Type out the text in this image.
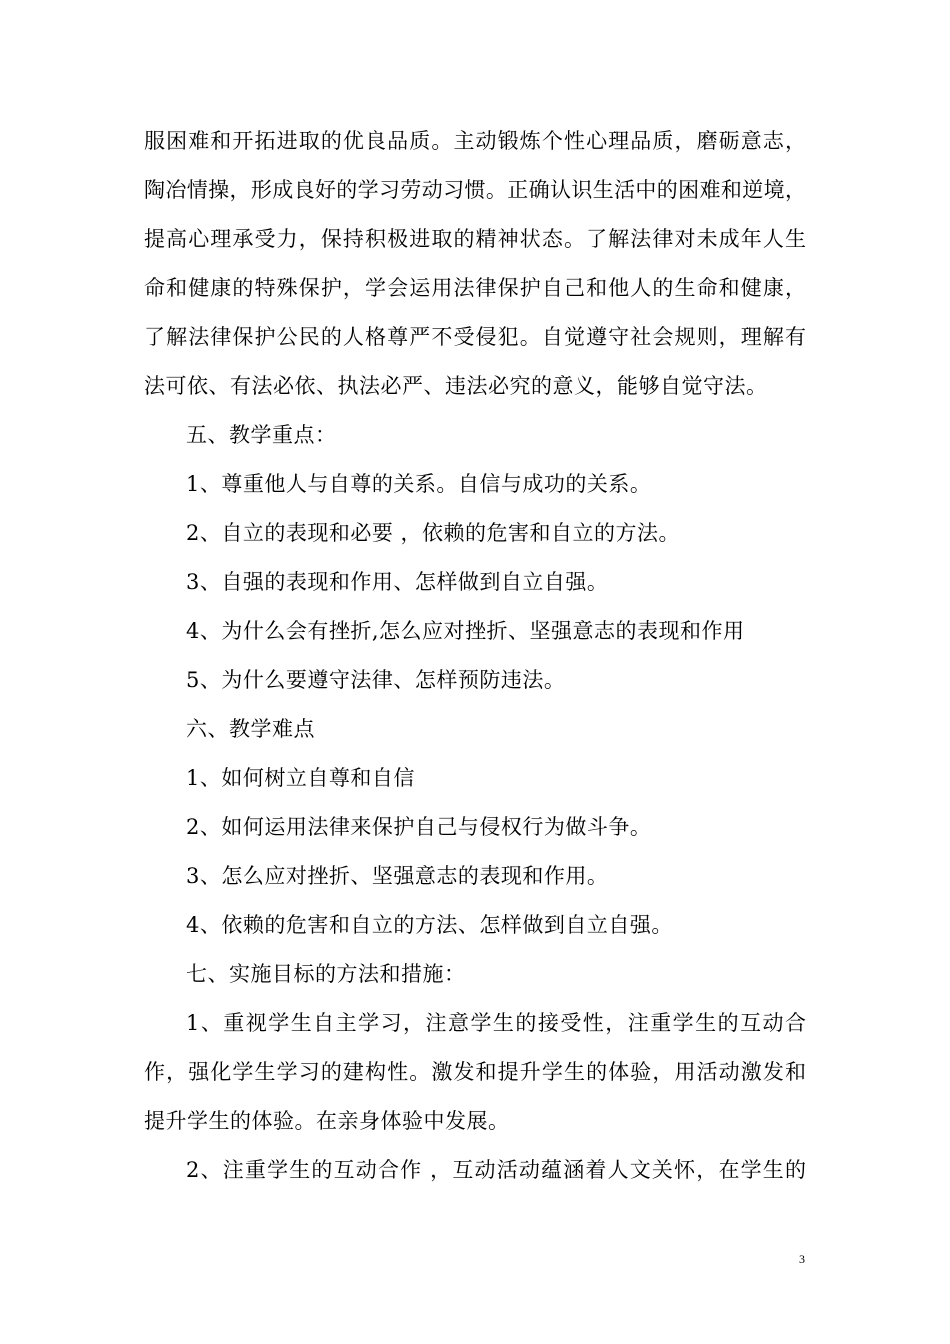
服困难和开拓进取的优良品质。主动锻炼个性心理品质，磨砺意志，
陶冶情操，形成良好的学习劳动习惯。正确认识生活中的困难和逆境，
提高心理承受力，保持积极进取的精神状态。了解法律对未成年人生
命和健康的特殊保护，学会运用法律保护自己和他人的生命和健康，
了解法律保护公民的人格尊严不受侵犯。自觉遵守社会规则，理解有
法可依、有法必依、执法必严、违法必究的意义，能够自觉守法。
五、教学重点：
1、尊重他人与自尊的关系。自信与成功的关系。
2、自立的表现和必要 ，依赖的危害和自立的方法。
3、自强的表现和作用、怎样做到自立自强。
4、为什么会有挫折,怎么应对挫折、坚强意志的表现和作用
5、为什么要遵守法律、怎样预防违法。
六、教学难点
1、如何树立自尊和自信
2、如何运用法律来保护自己与侵权行为做斗争。
3、怎么应对挫折、坚强意志的表现和作用。
4、依赖的危害和自立的方法、怎样做到自立自强。
七、实施目标的方法和措施：
1、重视学生自主学习，注意学生的接受性，注重学生的互动合
作，强化学生学习的建构性。激发和提升学生的体验，用活动激发和
提升学生的体验。在亲身体验中发展。
2、注重学生的互动合作 ，互动活动蕴涵着人文关怀，在学生的
3
